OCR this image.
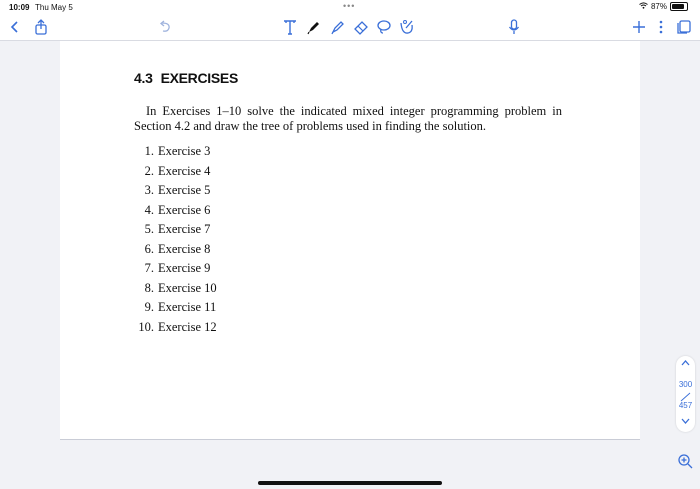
10:09 Thu May 5	•••	87%
4.3 EXERCISES
In Exercises 1–10 solve the indicated mixed integer programming problem in Section 4.2 and draw the tree of problems used in finding the solution.
1. Exercise 3
2. Exercise 4
3. Exercise 5
4. Exercise 6
5. Exercise 7
6. Exercise 8
7. Exercise 9
8. Exercise 10
9. Exercise 11
10. Exercise 12
300
457
